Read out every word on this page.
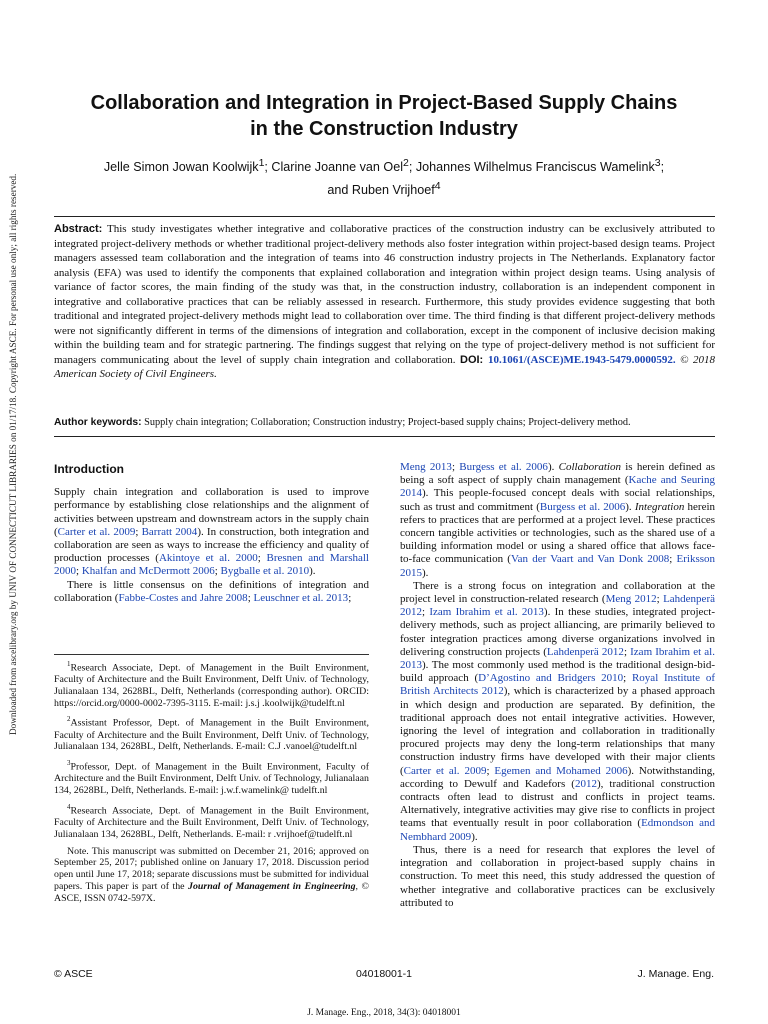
Downloaded from ascelibrary.org by UNIV OF CONNECTICUT LIBRARIES on 01/17/18. Copyright ASCE. For personal use only; all rights reserved.
Collaboration and Integration in Project-Based Supply Chains
in the Construction Industry
Jelle Simon Jowan Koolwijk$^1$; Clarine Joanne van Oel$^2$; Johannes Wilhelmus Franciscus Wamelink$^3$;
and Ruben Vrijhoef$^4$
Abstract: This study investigates whether integrative and collaborative practices of the construction industry can be exclusively attributed to integrated project-delivery methods or whether traditional project-delivery methods also foster integration within project-based design teams. Project managers assessed team collaboration and the integration of teams into 46 construction industry projects in The Netherlands. Explanatory factor analysis (EFA) was used to identify the components that explained collaboration and integration within project design teams. Using analysis of variance of factor scores, the main finding of the study was that, in the construction industry, collaboration is an independent component in integrative and collaborative practices that can be reliably assessed in research. Furthermore, this study provides evidence suggesting that both traditional and integrated project-delivery methods might lead to collaboration over time. The third finding is that different project-delivery methods were not significantly different in terms of the dimensions of integration and collaboration, except in the component of inclusive decision making within the building team and for strategic partnering. The findings suggest that relying on the type of project-delivery method is not sufficient for managers communicating about the level of supply chain integration and collaboration. DOI: 10.1061/(ASCE)ME.1943-5479.0000592. © 2018 American Society of Civil Engineers.
Author keywords: Supply chain integration; Collaboration; Construction industry; Project-based supply chains; Project-delivery method.

Introduction

Supply chain integration and collaboration is used to improve performance by establishing close relationships and the alignment of activities between upstream and downstream actors in the supply chain (Carter et al. 2009; Barratt 2004). In construction, both integration and collaboration are seen as ways to increase the efficiency and quality of production processes (Akintoye et al. 2000; Bresnen and Marshall 2000; Khalfan and McDermott 2006; Bygballe et al. 2010).

There is little consensus on the definitions of integration and collaboration (Fabbe-Costes and Jahre 2008; Leuschner et al. 2013;

$^1$Research Associate, Dept. of Management in the Built Environment, Faculty of Architecture and the Built Environment, Delft Univ. of Technology, Julianalaan 134, 2628BL, Delft, Netherlands (corresponding author). ORCID: https://orcid.org/0000-0002-7395-3115. E-mail: j.s.j .koolwijk@tudelft.nl

$^2$Assistant Professor, Dept. of Management in the Built Environment, Faculty of Architecture and the Built Environment, Delft Univ. of Technology, Julianalaan 134, 2628BL, Delft, Netherlands. E-mail: C.J .vanoel@tudelft.nl

$^3$Professor, Dept. of Management in the Built Environment, Faculty of Architecture and the Built Environment, Delft Univ. of Technology, Julianalaan 134, 2628BL, Delft, Netherlands. E-mail: j.w.f.wamelink@ tudelft.nl

$^4$Research Associate, Dept. of Management in the Built Environment, Faculty of Architecture and the Built Environment, Delft Univ. of Technology, Julianalaan 134, 2628BL, Delft, Netherlands. E-mail: r .vrijhoef@tudelft.nl

Note. This manuscript was submitted on December 21, 2016; approved on September 25, 2017; published online on January 17, 2018. Discussion period open until June 17, 2018; separate discussions must be submitted for individual papers. This paper is part of the Journal of Management in Engineering, © ASCE, ISSN 0742-597X.

Meng 2013; Burgess et al. 2006). Collaboration is herein defined as being a soft aspect of supply chain management (Kache and Seuring 2014). This people-focused concept deals with social relationships, such as trust and commitment (Burgess et al. 2006). Integration herein refers to practices that are performed at a project level. These practices concern tangible activities or technologies, such as the shared use of a building information model or using a shared office that allows face-to-face communication (Van der Vaart and Van Donk 2008; Eriksson 2015).

There is a strong focus on integration and collaboration at the project level in construction-related research (Meng 2012; Lahdenperä 2012; Izam Ibrahim et al. 2013). In these studies, integrated project-delivery methods, such as project alliancing, are primarily believed to foster integration practices among diverse organizations involved in delivering construction projects (Lahdenperä 2012; Izam Ibrahim et al. 2013). The most commonly used method is the traditional design-bid-build approach (D’Agostino and Bridgers 2010; Royal Institute of British Architects 2012), which is characterized by a phased approach in which design and production are separated. By definition, the traditional approach does not entail integrative activities. However, ignoring the level of integration and collaboration in traditionally procured projects may deny the long-term relationships that many construction industry firms have developed with their major clients (Carter et al. 2009; Egemen and Mohamed 2006). Notwithstanding, according to Dewulf and Kadefors (2012), traditional construction contracts often lead to distrust and conflicts in project teams. Alternatively, integrative activities may give rise to conflicts in project teams that eventually result in poor collaboration (Edmondson and Nembhard 2009).

Thus, there is a need for research that explores the level of integration and collaboration in project-based supply chains in construction. To meet this need, this study addressed the question of whether integrative and collaborative practices can be exclusively attributed to

© ASCE	04018001-1	J. Manage. Eng.
J. Manage. Eng., 2018, 34(3): 04018001
